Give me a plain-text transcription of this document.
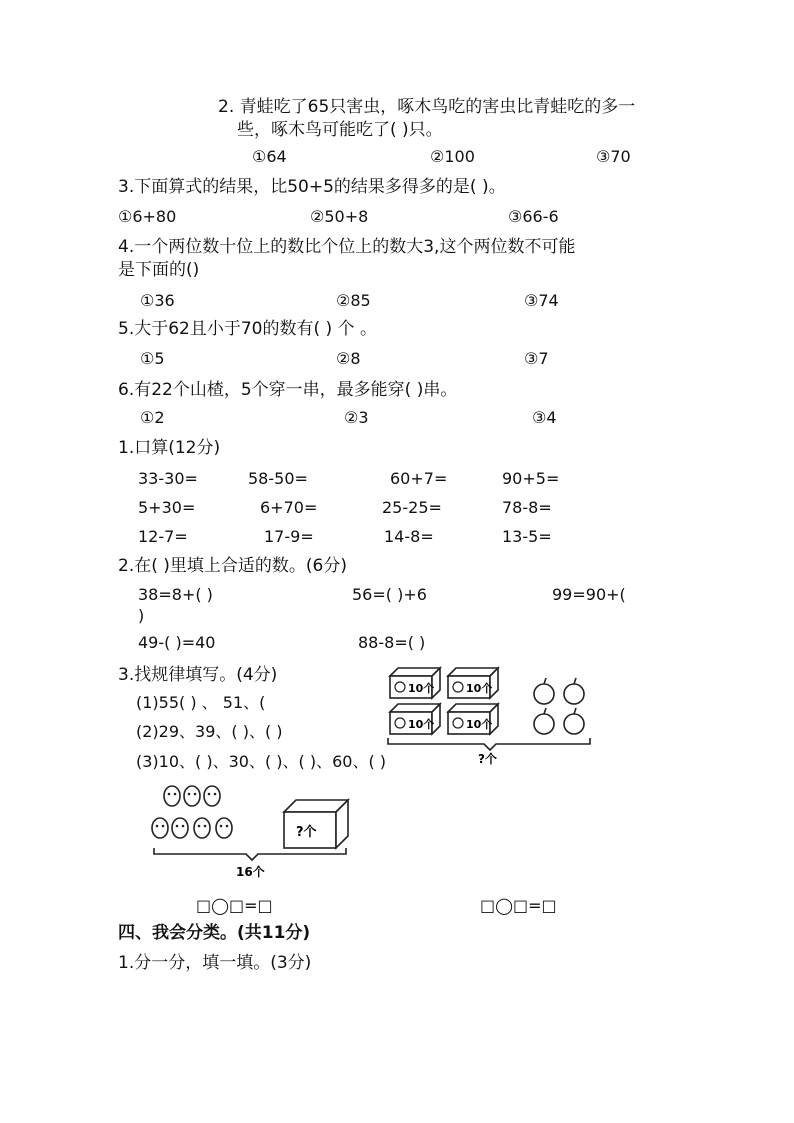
2. 青蛙吃了65只害虫，啄木鸟吃的害虫比青蛙吃的多一
些，啄木鸟可能吃了( )只。
①64	②100	③70
3.下面算式的结果，比50+5的结果多得多的是( )。
①6+80	②50+8	③66-6
4.一个两位数十位上的数比个位上的数大3,这个两位数不可能
是下面的()
①36	②85	③74
5.大于62且小于70的数有( ) 个 。
①5	②8	③7
6.有22个山楂，5个穿一串，最多能穿( )串。
①2	②3	③4
1.口算(12分)
33-30=	58-50=	60+7=	90+5=
5+30=	6+70=	25-25=	78-8=
12-7=	17-9=	14-8=	13-5=
2.在( )里填上合适的数。(6分)
38=8+( )	56=( )+6	99=90+(
)
49-( )=40	88-8=( )
3.找规律填写。(4分)
(1)55( ) 、 51、(
(2)29、39、( )、( )
(3)10、( )、30、( )、( )、60、( )
10个	10个
10个	10个
?个
?个
16个
□◯□=□	□◯□=□
四、我会分类。(共11分)
1.分一分，填一填。(3分)
